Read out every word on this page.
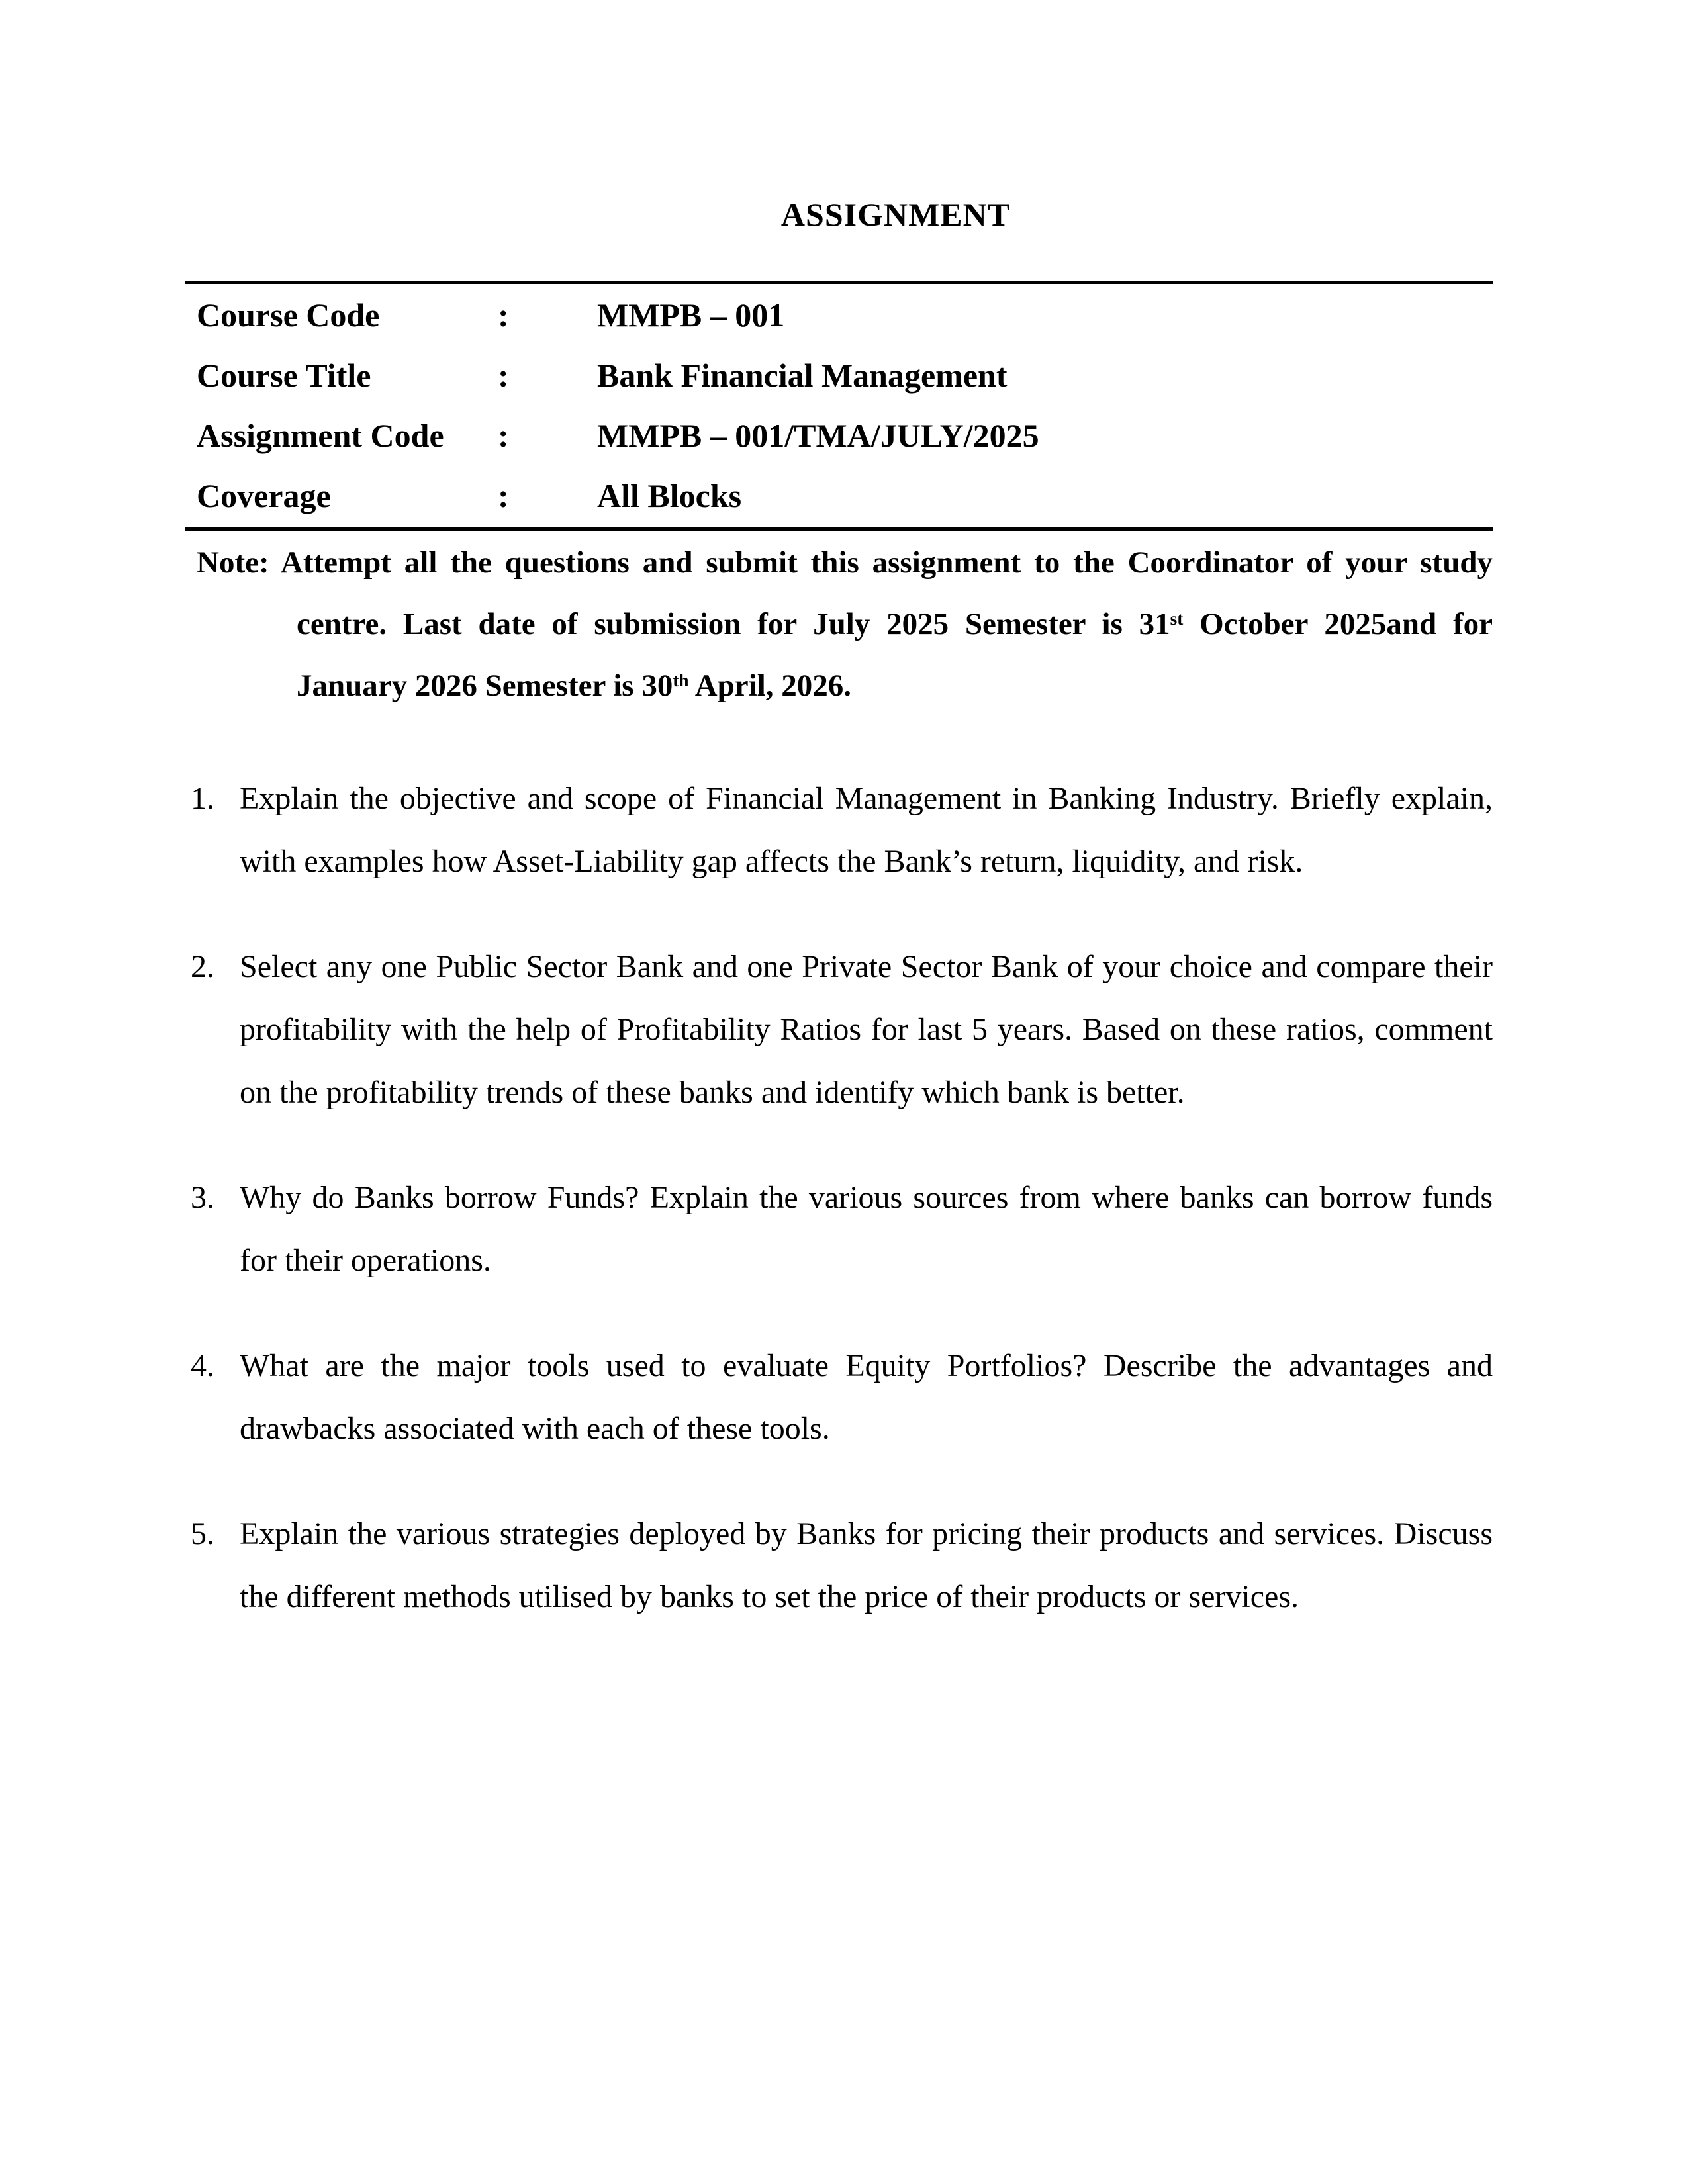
ASSIGNMENT
Course Code	:	MMPB – 001
Course Title	:	Bank Financial Management
Assignment Code	:	MMPB – 001/TMA/JULY/2025
Coverage	:	All Blocks

Note: Attempt all the questions and submit this assignment to the Coordinator of your study centre. Last date of submission for July 2025 Semester is 31st October 2025and for January 2026 Semester is 30th April, 2026.

1. Explain the objective and scope of Financial Management in Banking Industry. Briefly explain, with examples how Asset-Liability gap affects the Bank’s return, liquidity, and risk.
2. Select any one Public Sector Bank and one Private Sector Bank of your choice and compare their profitability with the help of Profitability Ratios for last 5 years. Based on these ratios, comment on the profitability trends of these banks and identify which bank is better.
3. Why do Banks borrow Funds? Explain the various sources from where banks can borrow funds for their operations.
4. What are the major tools used to evaluate Equity Portfolios? Describe the advantages and drawbacks associated with each of these tools.
5. Explain the various strategies deployed by Banks for pricing their products and services. Discuss the different methods utilised by banks to set the price of their products or services.
